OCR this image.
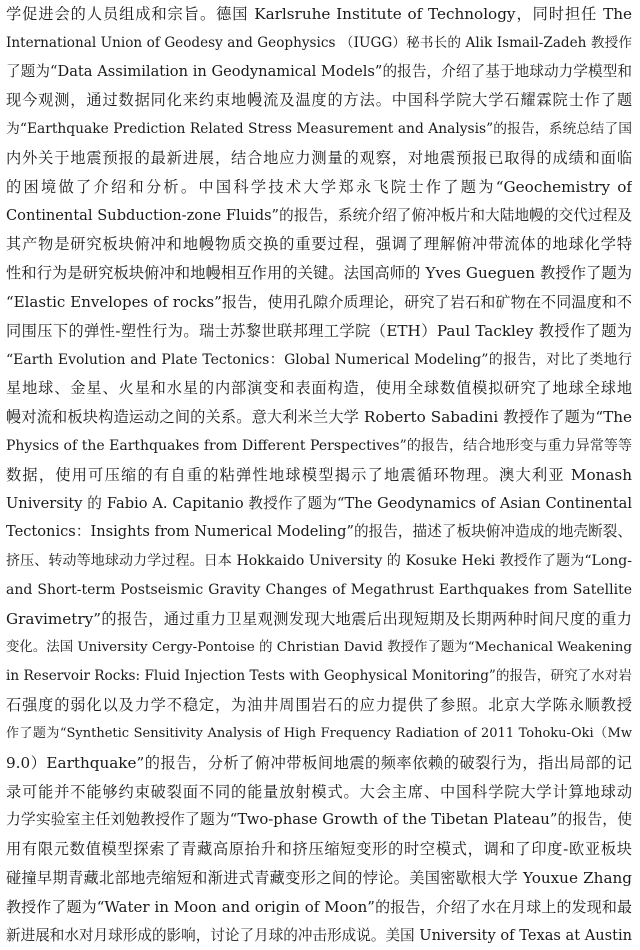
学促进会的人员组成和宗旨。德国 Karlsruhe Institute of Technology，同时担任 The
International Union of Geodesy and Geophysics （IUGG）秘书长的 Alik Ismail-Zadeh 教授作
了题为“Data Assimilation in Geodynamical Models”的报告，介绍了基于地球动力学模型和
现今观测，通过数据同化来约束地幔流及温度的方法。中国科学院大学石耀霖院士作了题
为“Earthquake Prediction Related Stress Measurement and Analysis”的报告，系统总结了国
内外关于地震预报的最新进展，结合地应力测量的观察，对地震预报已取得的成绩和面临
的困境做了介绍和分析。中国科学技术大学郑永飞院士作了题为“Geochemistry of
Continental Subduction-zone Fluids”的报告，系统介绍了俯冲板片和大陆地幔的交代过程及
其产物是研究板块俯冲和地幔物质交换的重要过程，强调了理解俯冲带流体的地球化学特
性和行为是研究板块俯冲和地幔相互作用的关键。法国高师的 Yves Gueguen 教授作了题为
“Elastic Envelopes of rocks”报告，使用孔隙介质理论，研究了岩石和矿物在不同温度和不
同围压下的弹性-塑性行为。瑞士苏黎世联邦理工学院（ETH）Paul Tackley 教授作了题为
“Earth Evolution and Plate Tectonics：Global Numerical Modeling”的报告，对比了类地行
星地球、金星、火星和水星的内部演变和表面构造，使用全球数值模拟研究了地球全球地
幔对流和板块构造运动之间的关系。意大利米兰大学 Roberto Sabadini 教授作了题为“The
Physics of the Earthquakes from Different Perspectives”的报告，结合地形变与重力异常等等
数据，使用可压缩的有自重的粘弹性地球模型揭示了地震循环物理。澳大利亚 Monash
University 的 Fabio A. Capitanio 教授作了题为“The Geodynamics of Asian Continental
Tectonics：Insights from Numerical Modeling”的报告，描述了板块俯冲造成的地壳断裂、
挤压、转动等地球动力学过程。日本 Hokkaido University 的 Kosuke Heki 教授作了题为“Long-
and Short-term Postseismic Gravity Changes of Megathrust Earthquakes from Satellite
Gravimetry”的报告，通过重力卫星观测发现大地震后出现短期及长期两种时间尺度的重力
变化。法国 University Cergy-Pontoise 的 Christian David 教授作了题为“Mechanical Weakening
in Reservoir Rocks: Fluid Injection Tests with Geophysical Monitoring”的报告，研究了水对岩
石强度的弱化以及力学不稳定，为油井周围岩石的应力提供了参照。北京大学陈永顺教授
作了题为“Synthetic Sensitivity Analysis of High Frequency Radiation of 2011 Tohoku-Oki（Mw
9.0）Earthquake”的报告，分析了俯冲带板间地震的频率依赖的破裂行为，指出局部的记
录可能并不能够约束破裂面不同的能量放射模式。大会主席、中国科学院大学计算地球动
力学实验室主任刘勉教授作了题为“Two-phase Growth of the Tibetan Plateau”的报告，使
用有限元数值模型探索了青藏高原抬升和挤压缩短变形的时空模式，调和了印度-欧亚板块
碰撞早期青藏北部地壳缩短和渐进式青藏变形之间的悖论。美国密歇根大学 Youxue Zhang
教授作了题为“Water in Moon and origin of Moon”的报告，介绍了水在月球上的发现和最
新进展和水对月球形成的影响，讨论了月球的冲击形成说。美国 University of Texas at Austin
